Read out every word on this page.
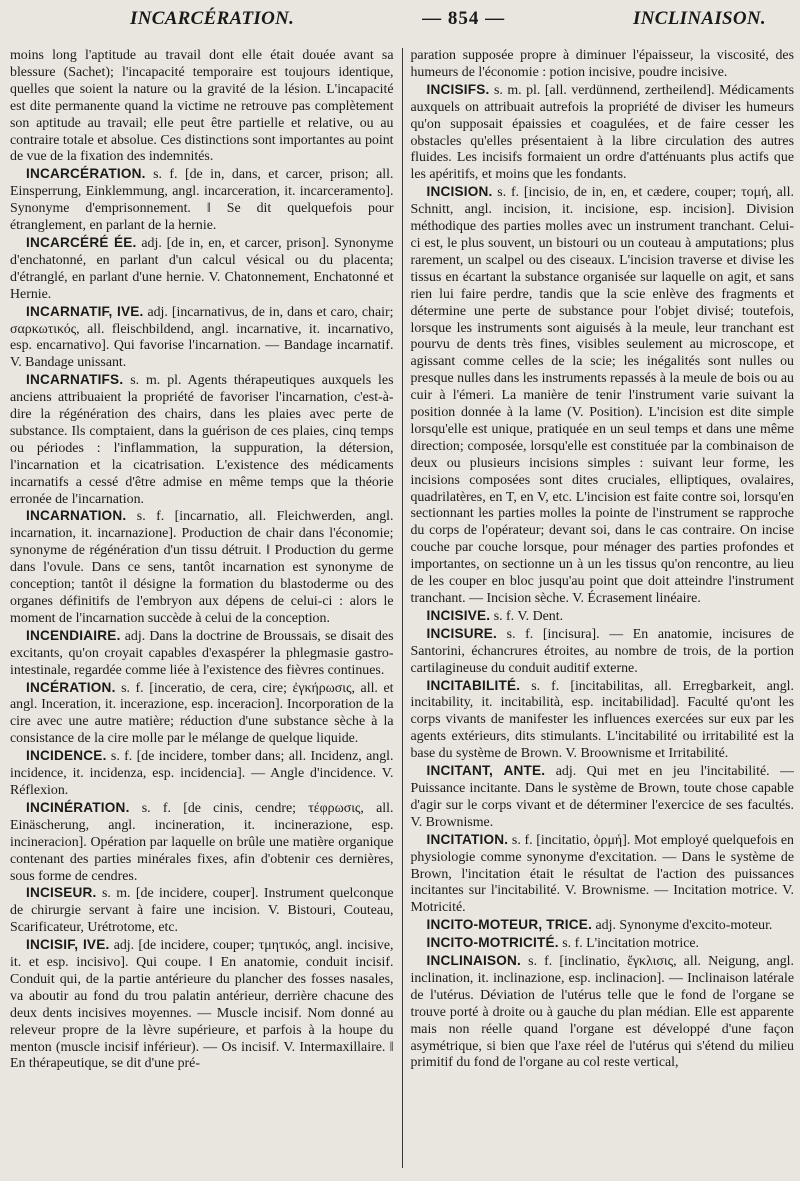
INCARCÉRATION.	— 854 —	INCLINAISON.

moins long l'aptitude au travail dont elle était douée avant sa blessure (Sachet); l'incapacité temporaire est toujours identique, quelles que soient la nature ou la gravité de la lésion. L'incapacité est dite permanente quand la victime ne retrouve pas complètement son aptitude au travail; elle peut être partielle et relative, ou au contraire totale et absolue. Ces distinctions sont importantes au point de vue de la fixation des indemnités.

INCARCÉRATION. s. f. [de in, dans, et carcer, prison; all. Einsperrung, Einklemmung, angl. incarceration, it. incarceramento]. Synonyme d'emprisonnement. ‖ Se dit quelquefois pour étranglement, en parlant de la hernie.

INCARCÉRÉ ÉE. adj. [de in, en, et carcer, prison]. Synonyme d'enchatonné, en parlant d'un calcul vésical ou du placenta; d'étranglé, en parlant d'une hernie. V. Chatonnement, Enchatonné et Hernie.

INCARNATIF, IVE. adj. [incarnativus, de in, dans et caro, chair; σαρκωτικός, all. fleischbildend, angl. incarnative, it. incarnativo, esp. encarnativo]. Qui favorise l'incarnation. — Bandage incarnatif. V. Bandage unissant.

INCARNATIFS. s. m. pl. Agents thérapeutiques auxquels les anciens attribuaient la propriété de favoriser l'incarnation, c'est-à-dire la régénération des chairs, dans les plaies avec perte de substance. Ils comptaient, dans la guérison de ces plaies, cinq temps ou périodes : l'inflammation, la suppuration, la détersion, l'incarnation et la cicatrisation. L'existence des médicaments incarnatifs a cessé d'être admise en même temps que la théorie erronée de l'incarnation.

INCARNATION. s. f. [incarnatio, all. Fleichwerden, angl. incarnation, it. incarnazione]. Production de chair dans l'économie; synonyme de régénération d'un tissu détruit. ‖ Production du germe dans l'ovule. Dans ce sens, tantôt incarnation est synonyme de conception; tantôt il désigne la formation du blastoderme ou des organes définitifs de l'embryon aux dépens de celui-ci : alors le moment de l'incarnation succède à celui de la conception.

INCENDIAIRE. adj. Dans la doctrine de Broussais, se disait des excitants, qu'on croyait capables d'exaspérer la phlegmasie gastro-intestinale, regardée comme liée à l'existence des fièvres continues.

INCÉRATION. s. f. [inceratio, de cera, cire; ἐγκήρωσις, all. et angl. Inceration, it. incerazione, esp. inceracion]. Incorporation de la cire avec une autre matière; réduction d'une substance sèche à la consistance de la cire molle par le mélange de quelque liquide.

INCIDENCE. s. f. [de incidere, tomber dans; all. Incidenz, angl. incidence, it. incidenza, esp. incidencia]. — Angle d'incidence. V. Réflexion.

INCINÉRATION. s. f. [de cinis, cendre; τέφρωσις, all. Einäscherung, angl. incineration, it. incinerazione, esp. incineracion]. Opération par laquelle on brûle une matière organique contenant des parties minérales fixes, afin d'obtenir ces dernières, sous forme de cendres.

INCISEUR. s. m. [de incidere, couper]. Instrument quelconque de chirurgie servant à faire une incision. V. Bistouri, Couteau, Scarificateur, Urétrotome, etc.

INCISIF, IVE. adj. [de incidere, couper; τμητικός, angl. incisive, it. et esp. incisivo]. Qui coupe. ‖ En anatomie, conduit incisif. Conduit qui, de la partie antérieure du plancher des fosses nasales, va aboutir au fond du trou palatin antérieur, derrière chacune des deux dents incisives moyennes. — Muscle incisif. Nom donné au releveur propre de la lèvre supérieure, et parfois à la houpe du menton (muscle incisif inférieur). — Os incisif. V. Intermaxillaire. ‖ En thérapeutique, se dit d'une pré-

paration supposée propre à diminuer l'épaisseur, la viscosité, des humeurs de l'économie : potion incisive, poudre incisive.

INCISIFS. s. m. pl. [all. verdünnend, zertheilend]. Médicaments auxquels on attribuait autrefois la propriété de diviser les humeurs qu'on supposait épaissies et coagulées, et de faire cesser les obstacles qu'elles présentaient à la libre circulation des autres fluides. Les incisifs formaient un ordre d'atténuants plus actifs que les apéritifs, et moins que les fondants.

INCISION. s. f. [incisio, de in, en, et cædere, couper; τομή, all. Schnitt, angl. incision, it. incisione, esp. incision]. Division méthodique des parties molles avec un instrument tranchant. Celui-ci est, le plus souvent, un bistouri ou un couteau à amputations; plus rarement, un scalpel ou des ciseaux. L'incision traverse et divise les tissus en écartant la substance organisée sur laquelle on agit, et sans rien lui faire perdre, tandis que la scie enlève des fragments et détermine une perte de substance pour l'objet divisé; toutefois, lorsque les instruments sont aiguisés à la meule, leur tranchant est pourvu de dents très fines, visibles seulement au microscope, et agissant comme celles de la scie; les inégalités sont nulles ou presque nulles dans les instruments repassés à la meule de bois ou au cuir à l'émeri. La manière de tenir l'instrument varie suivant la position donnée à la lame (V. Position). L'incision est dite simple lorsqu'elle est unique, pratiquée en un seul temps et dans une même direction; composée, lorsqu'elle est constituée par la combinaison de deux ou plusieurs incisions simples : suivant leur forme, les incisions composées sont dites cruciales, elliptiques, ovalaires, quadrilatères, en T, en V, etc. L'incision est faite contre soi, lorsqu'en sectionnant les parties molles la pointe de l'instrument se rapproche du corps de l'opérateur; devant soi, dans le cas contraire. On incise couche par couche lorsque, pour ménager des parties profondes et importantes, on sectionne un à un les tissus qu'on rencontre, au lieu de les couper en bloc jusqu'au point que doit atteindre l'instrument tranchant. — Incision sèche. V. Écrasement linéaire.

INCISIVE. s. f. V. Dent.

INCISURE. s. f. [incisura]. — En anatomie, incisures de Santorini, échancrures étroites, au nombre de trois, de la portion cartilagineuse du conduit auditif externe.

INCITABILITÉ. s. f. [incitabilitas, all. Erregbarkeit, angl. incitability, it. incitabilità, esp. incitabilidad]. Faculté qu'ont les corps vivants de manifester les influences exercées sur eux par les agents extérieurs, dits stimulants. L'incitabilité ou irritabilité est la base du système de Brown. V. Broownisme et Irritabilité.

INCITANT, ANTE. adj. Qui met en jeu l'incitabilité. — Puissance incitante. Dans le système de Brown, toute chose capable d'agir sur le corps vivant et de déterminer l'exercice de ses facultés. V. Brownisme.

INCITATION. s. f. [incitatio, ὁρμή]. Mot employé quelquefois en physiologie comme synonyme d'excitation. — Dans le système de Brown, l'incitation était le résultat de l'action des puissances incitantes sur l'incitabilité. V. Brownisme. — Incitation motrice. V. Motricité.

INCITO-MOTEUR, TRICE. adj. Synonyme d'excito-moteur.

INCITO-MOTRICITÉ. s. f. L'incitation motrice.

INCLINAISON. s. f. [inclinatio, ἔγκλισις, all. Neigung, angl. inclination, it. inclinazione, esp. inclinacion]. — Inclinaison latérale de l'utérus. Déviation de l'utérus telle que le fond de l'organe se trouve porté à droite ou à gauche du plan médian. Elle est apparente mais non réelle quand l'organe est développé d'une façon asymétrique, si bien que l'axe réel de l'utérus qui s'étend du milieu primitif du fond de l'organe au col reste vertical,
